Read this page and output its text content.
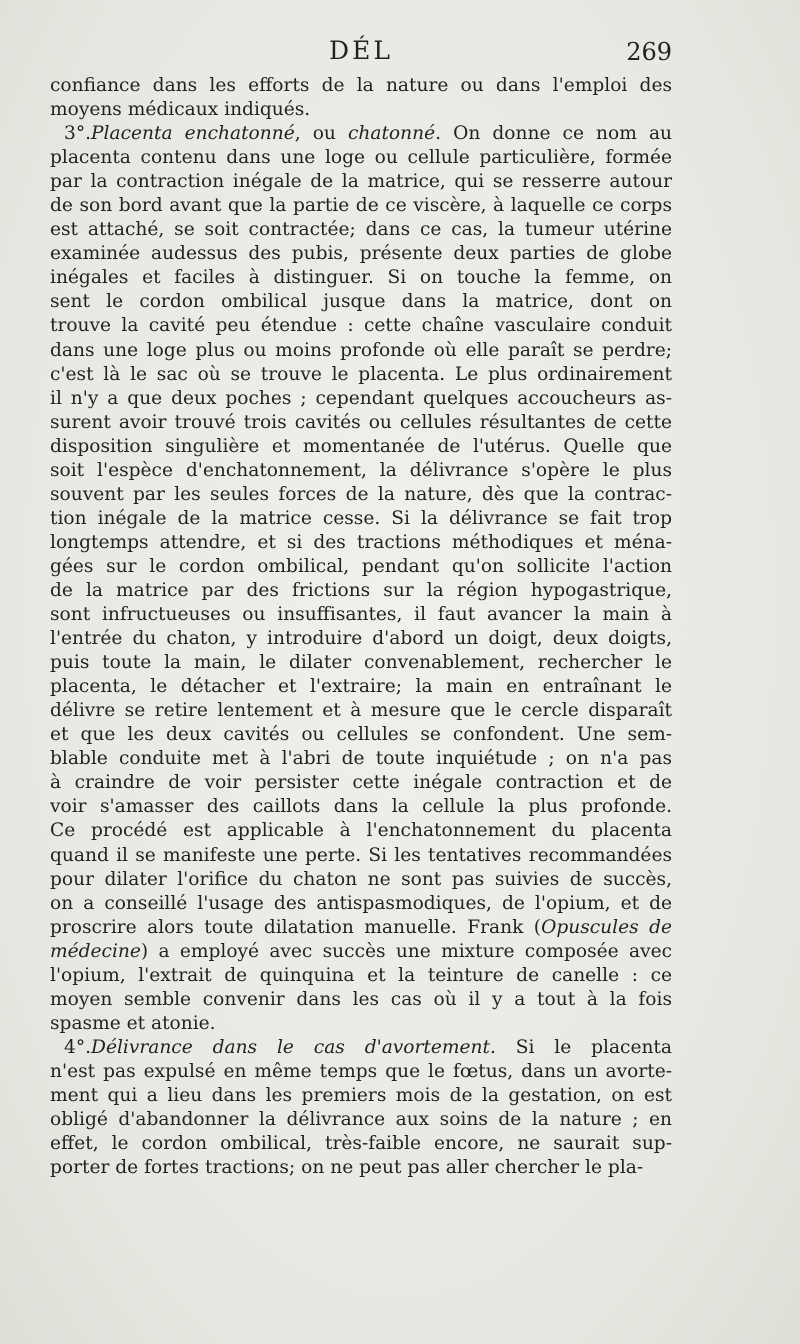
DÉL	269
confiance dans les efforts de la nature ou dans l'emploi des
moyens médicaux indiqués.
3°.Placenta enchatonné, ou chatonné. On donne ce nom au
placenta contenu dans une loge ou cellule particulière, formée
par la contraction inégale de la matrice, qui se resserre autour
de son bord avant que la partie de ce viscère, à laquelle ce corps
est attaché, se soit contractée; dans ce cas, la tumeur utérine
examinée audessus des pubis, présente deux parties de globe
inégales et faciles à distinguer. Si on touche la femme, on
sent le cordon ombilical jusque dans la matrice, dont on
trouve la cavité peu étendue : cette chaîne vasculaire conduit
dans une loge plus ou moins profonde où elle paraît se perdre;
c'est là le sac où se trouve le placenta. Le plus ordinairement
il n'y a que deux poches ; cependant quelques accoucheurs as-
surent avoir trouvé trois cavités ou cellules résultantes de cette
disposition singulière et momentanée de l'utérus. Quelle que
soit l'espèce d'enchatonnement, la délivrance s'opère le plus
souvent par les seules forces de la nature, dès que la contrac-
tion inégale de la matrice cesse. Si la délivrance se fait trop
longtemps attendre, et si des tractions méthodiques et ména-
gées sur le cordon ombilical, pendant qu'on sollicite l'action
de la matrice par des frictions sur la région hypogastrique,
sont infructueuses ou insuffisantes, il faut avancer la main à
l'entrée du chaton, y introduire d'abord un doigt, deux doigts,
puis toute la main, le dilater convenablement, rechercher le
placenta, le détacher et l'extraire; la main en entraînant le
délivre se retire lentement et à mesure que le cercle disparaît
et que les deux cavités ou cellules se confondent. Une sem-
blable conduite met à l'abri de toute inquiétude ; on n'a pas
à craindre de voir persister cette inégale contraction et de
voir s'amasser des caillots dans la cellule la plus profonde.
Ce procédé est applicable à l'enchatonnement du placenta
quand il se manifeste une perte. Si les tentatives recommandées
pour dilater l'orifice du chaton ne sont pas suivies de succès,
on a conseillé l'usage des antispasmodiques, de l'opium, et de
proscrire alors toute dilatation manuelle. Frank (Opuscules de
médecine) a employé avec succès une mixture composée avec
l'opium, l'extrait de quinquina et la teinture de canelle : ce
moyen semble convenir dans les cas où il y a tout à la fois
spasme et atonie.
4°.Délivrance dans le cas d'avortement. Si le placenta
n'est pas expulsé en même temps que le fœtus, dans un avorte-
ment qui a lieu dans les premiers mois de la gestation, on est
obligé d'abandonner la délivrance aux soins de la nature ; en
effet, le cordon ombilical, très-faible encore, ne saurait sup-
porter de fortes tractions; on ne peut pas aller chercher le pla-
